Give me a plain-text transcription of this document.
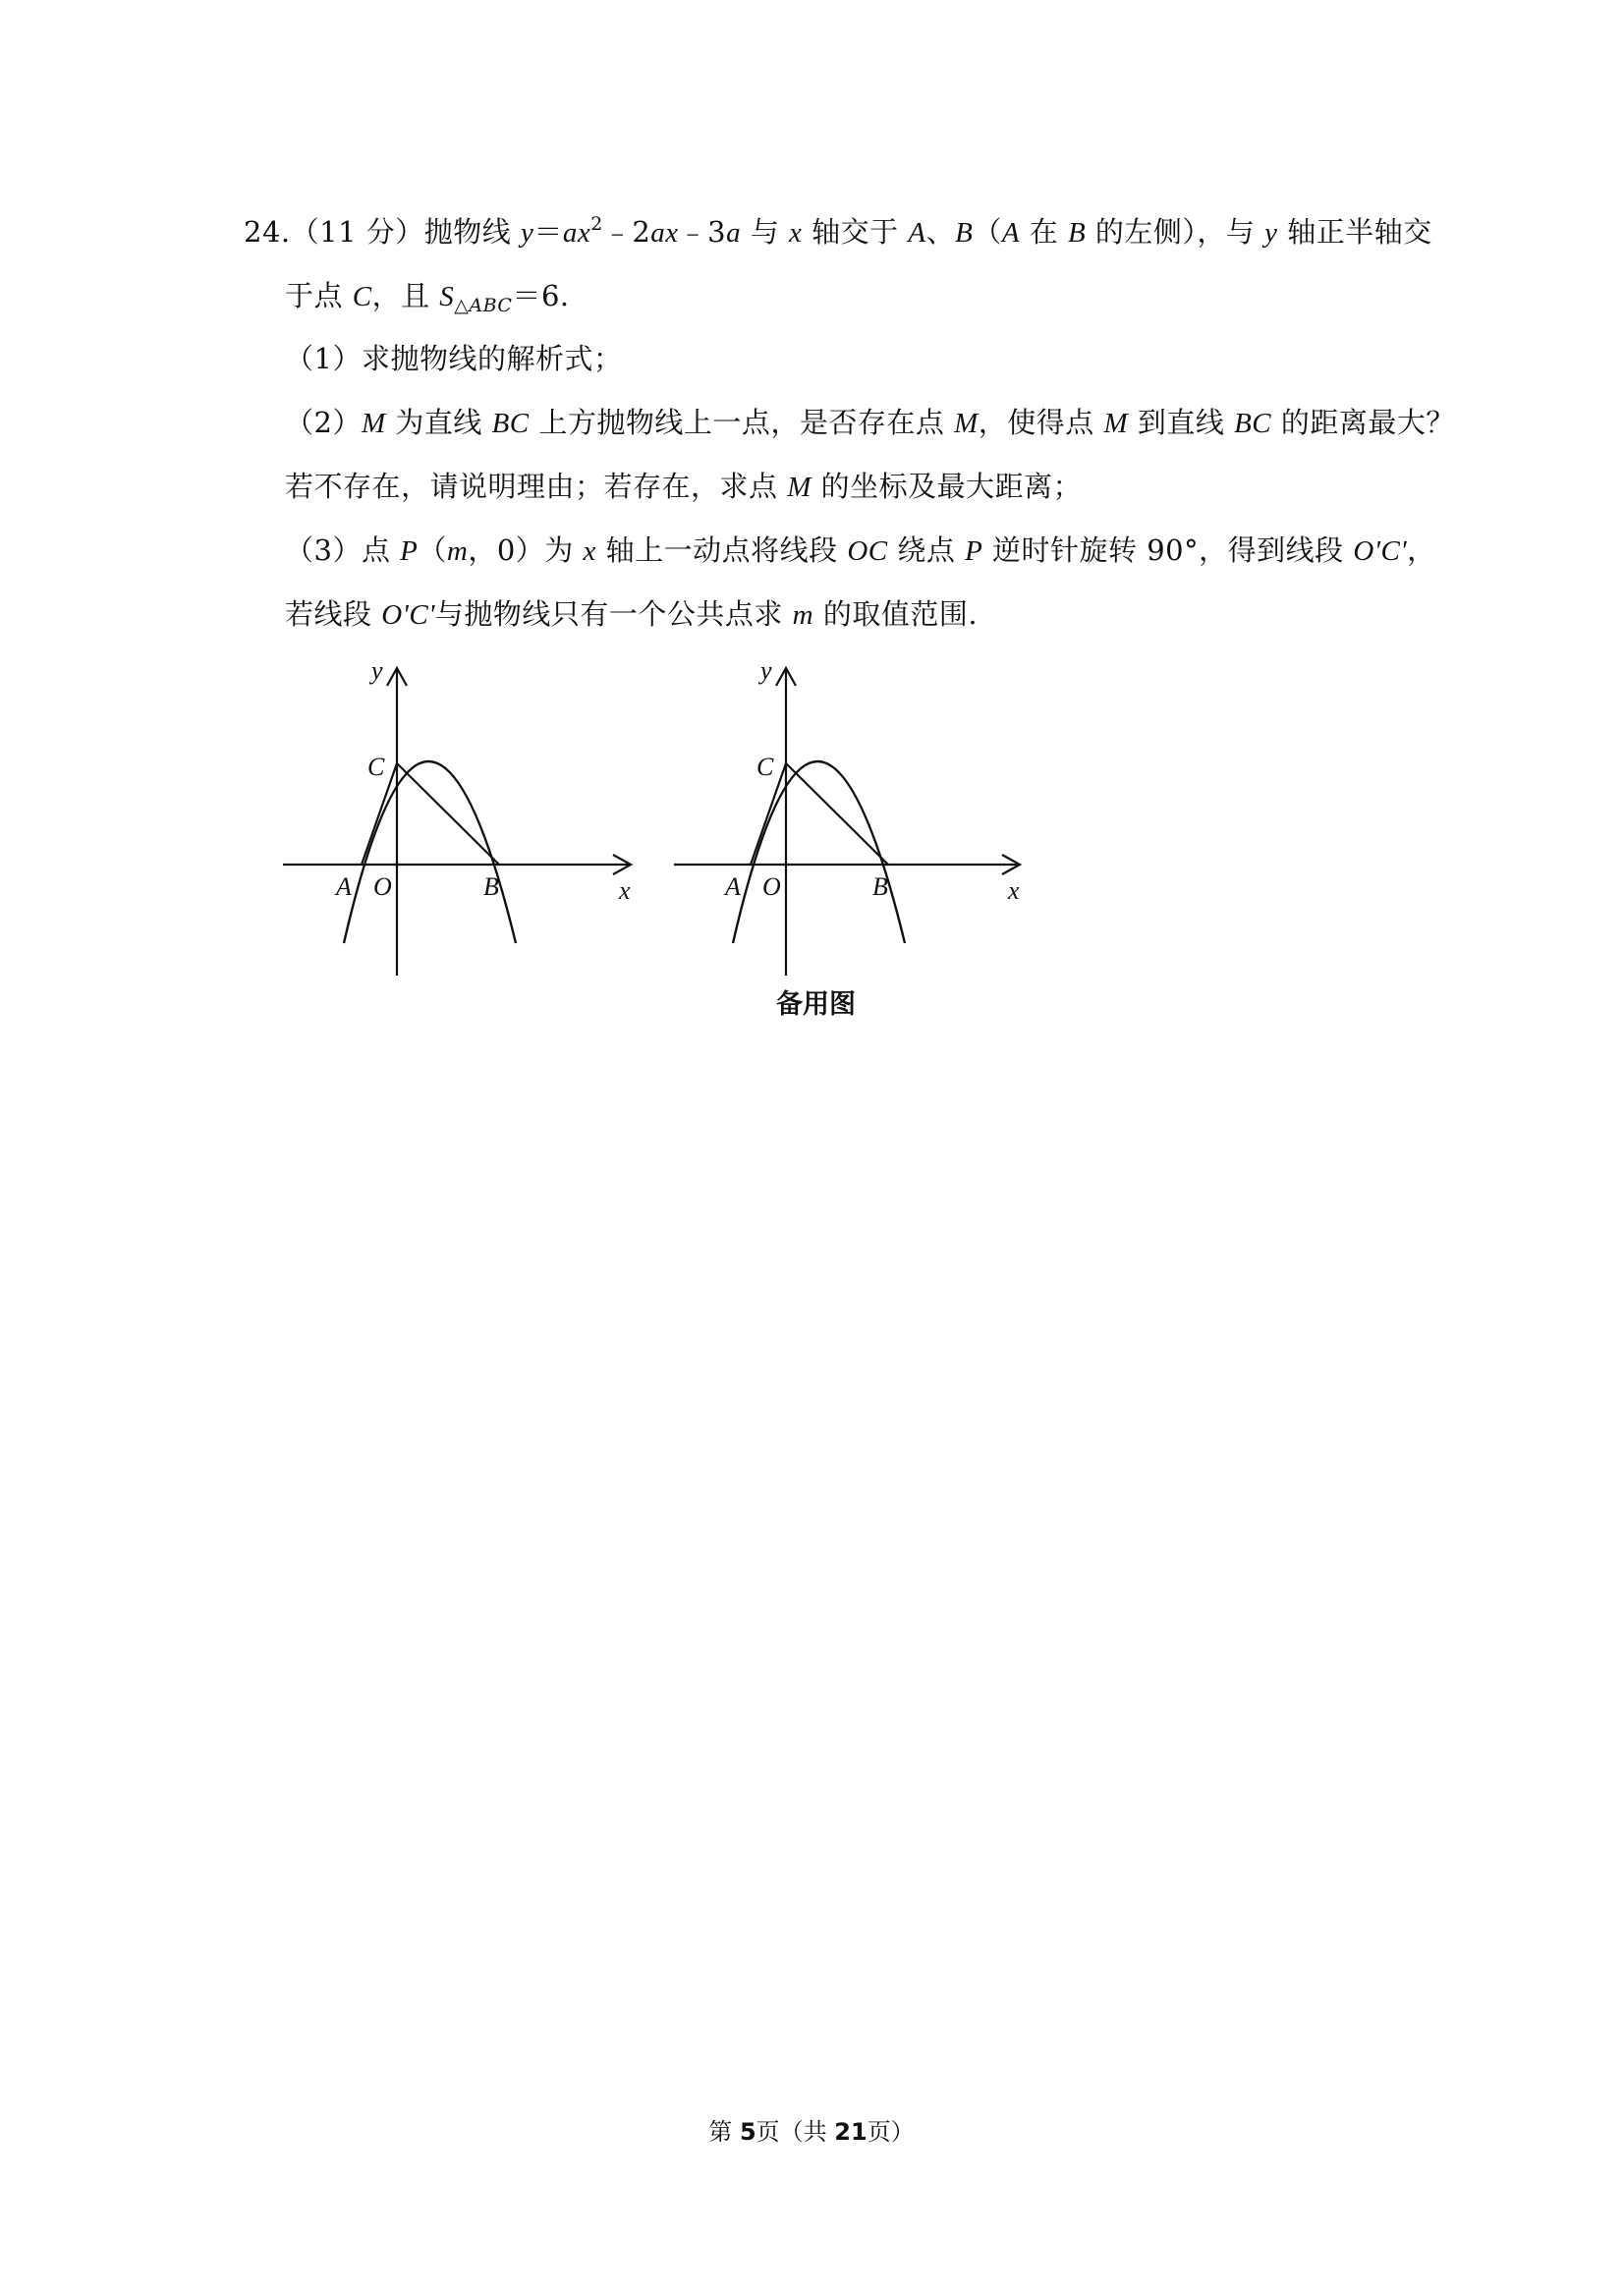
24.（11 分）抛物线 $y=ax^2﹣2ax﹣3a$ 与 x 轴交于 A、B（A 在 B 的左侧），与 y 轴正半轴交
于点 C，且 $S_{\triangle ABC}=6$.
（1）求抛物线的解析式；
（2）M 为直线 BC 上方抛物线上一点，是否存在点 M，使得点 M 到直线 BC 的距离最大？
若不存在，请说明理由；若存在，求点 M 的坐标及最大距离；
（3）点 P（m，0）为 x 轴上一动点将线段 OC 绕点 P 逆时针旋转 90°，得到线段 O'C'，
若线段 O'C'与抛物线只有一个公共点求 m 的取值范围.
y
C
A O	B	x
y
C
A O	B	x
备用图
第 5页（共 21页）
